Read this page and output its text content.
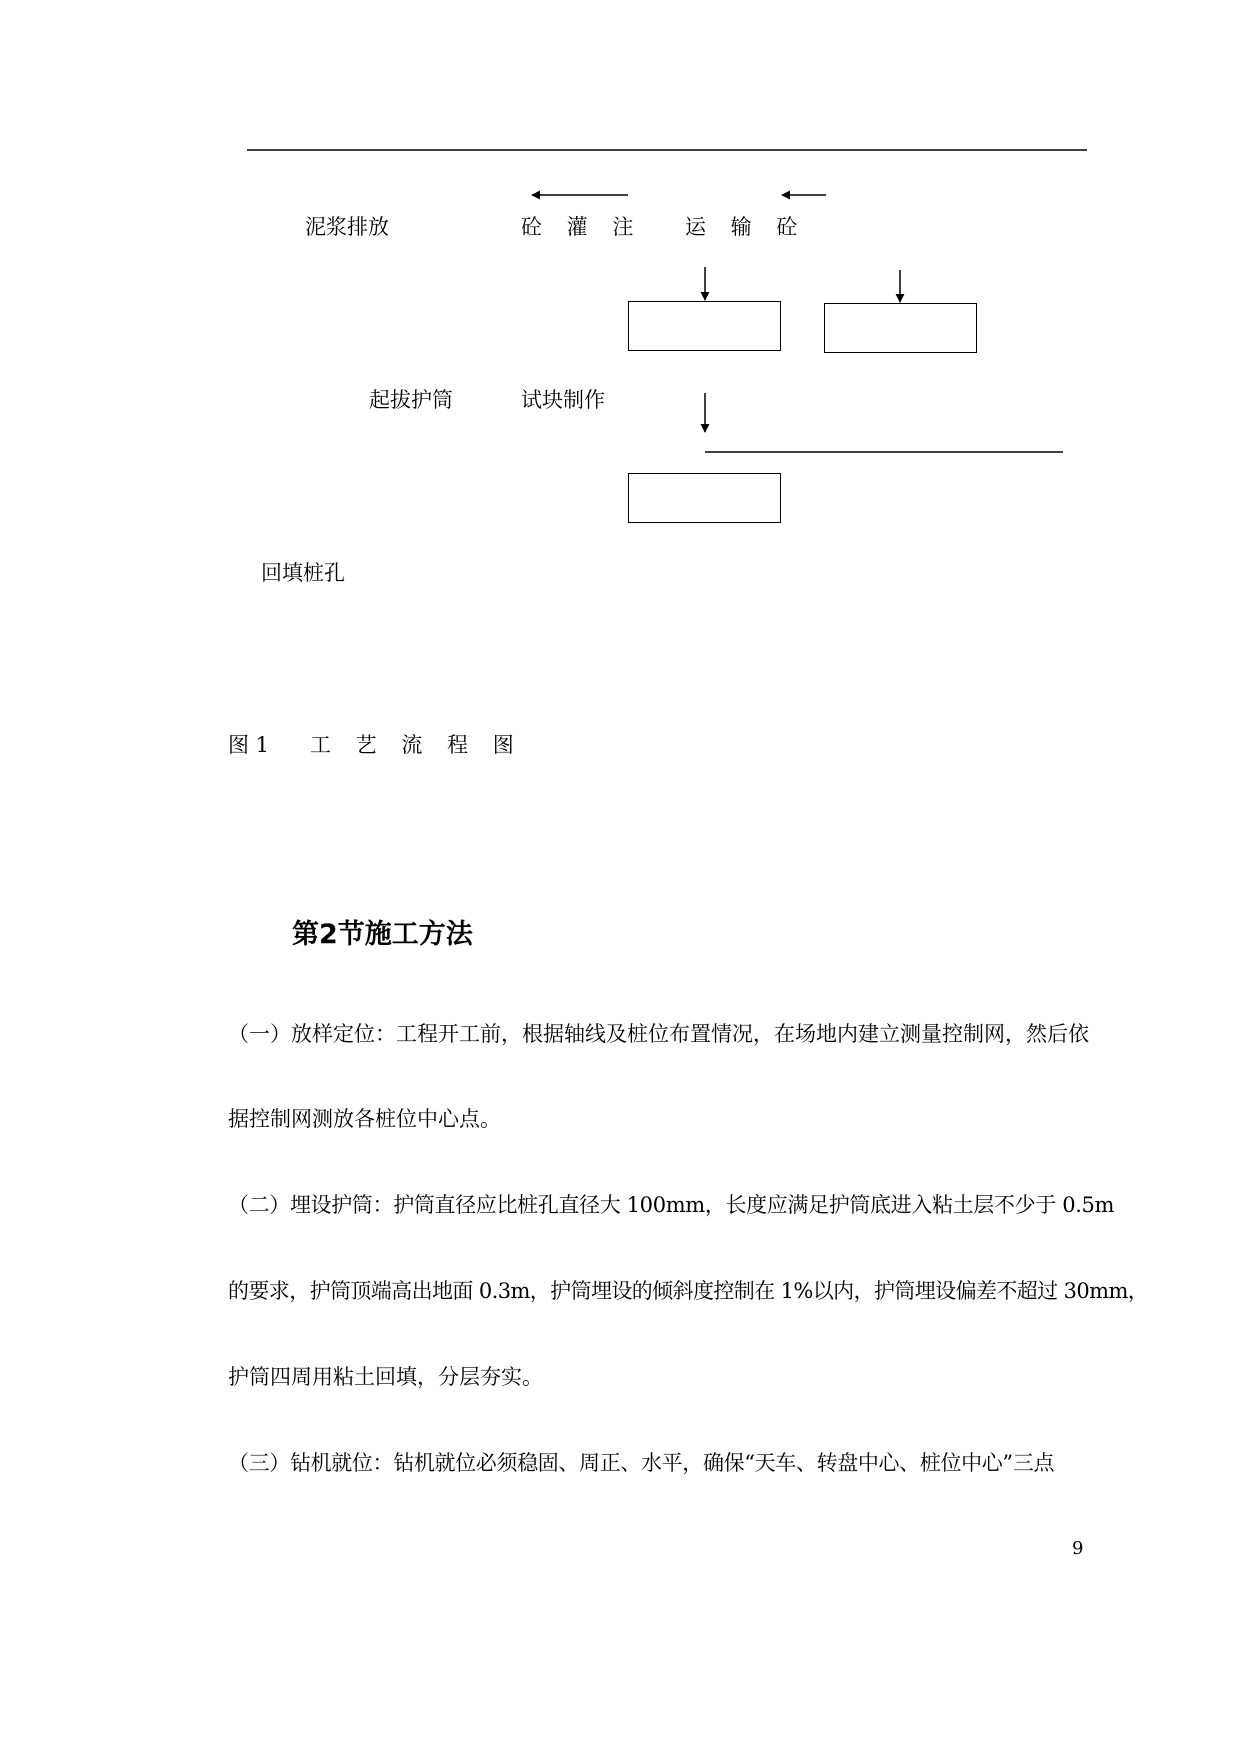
泥浆排放	砼 灌 注 运 输 砼
起拔护筒	试块制作
回填桩孔
图 1 工 艺 流 程 图
第2节施工方法
（一）放样定位：工程开工前，根据轴线及桩位布置情况，在场地内建立测量控制网，然后依
据控制网测放各桩位中心点。
（二）埋设护筒：护筒直径应比桩孔直径大 100mm，长度应满足护筒底进入粘土层不少于 0.5m
的要求，护筒顶端高出地面 0.3m，护筒埋设的倾斜度控制在 1%以内，护筒埋设偏差不超过 30mm，
护筒四周用粘土回填，分层夯实。
（三）钻机就位：钻机就位必须稳固、周正、水平，确保“天车、转盘中心、桩位中心”三点
9
